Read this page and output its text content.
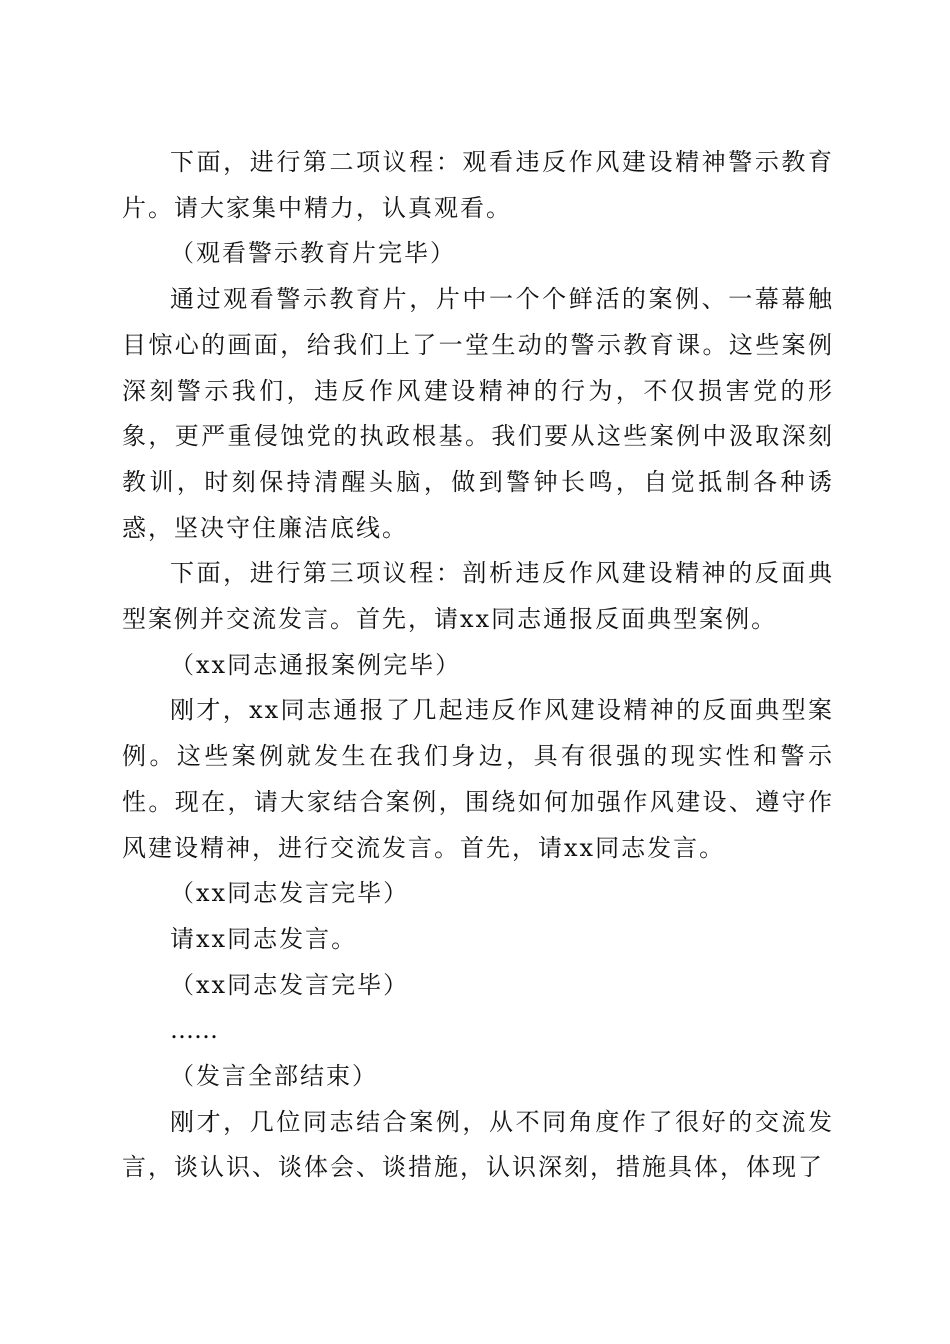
下面，进行第二项议程：观看违反作风建设精神警示教育片。请大家集中精力，认真观看。

（观看警示教育片完毕）

通过观看警示教育片，片中一个个鲜活的案例、一幕幕触目惊心的画面，给我们上了一堂生动的警示教育课。这些案例深刻警示我们，违反作风建设精神的行为，不仅损害党的形象，更严重侵蚀党的执政根基。我们要从这些案例中汲取深刻教训，时刻保持清醒头脑，做到警钟长鸣，自觉抵制各种诱惑，坚决守住廉洁底线。

下面，进行第三项议程：剖析违反作风建设精神的反面典型案例并交流发言。首先，请xx同志通报反面典型案例。

（xx同志通报案例完毕）

刚才，xx同志通报了几起违反作风建设精神的反面典型案例。这些案例就发生在我们身边，具有很强的现实性和警示性。现在，请大家结合案例，围绕如何加强作风建设、遵守作风建设精神，进行交流发言。首先，请xx同志发言。

（xx同志发言完毕）

请xx同志发言。

（xx同志发言完毕）

……

（发言全部结束）

刚才，几位同志结合案例，从不同角度作了很好的交流发言，谈认识、谈体会、谈措施，认识深刻，措施具体，体现了
